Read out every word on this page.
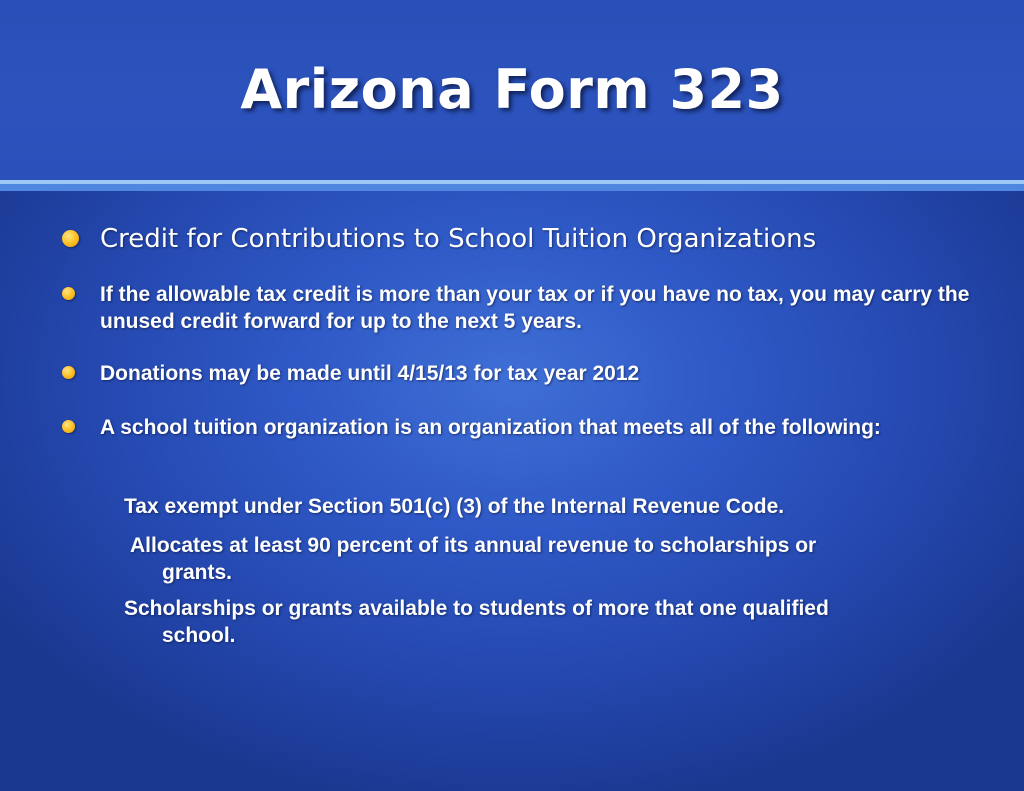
Arizona Form 323
Credit for Contributions to School Tuition Organizations
If the allowable tax credit is more than your tax or if you have no tax, you may carry the unused credit forward for up to the next 5 years.
Donations may be made until 4/15/13 for tax year 2012
A school tuition organization is an organization that meets all of the following:
Tax exempt under Section 501(c) (3) of the Internal Revenue Code.
Allocates at least 90 percent of its annual revenue to scholarships or
grants.
Scholarships or grants available to students of more that one qualified
school.
